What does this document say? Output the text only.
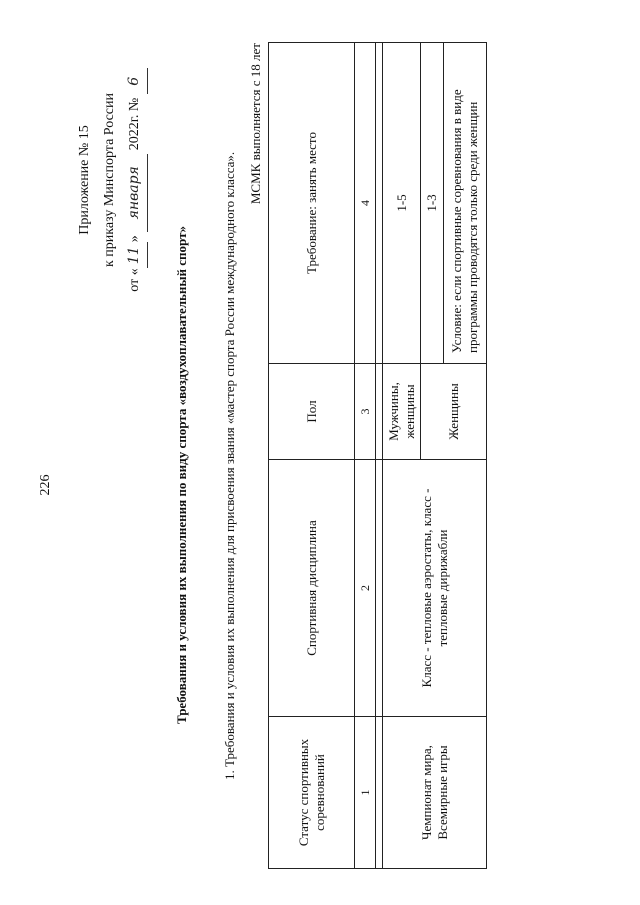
226
Приложение № 15 к приказу Минспорта России
от «11» января 2022г. № 6
Требования и условия их выполнения по виду спорта «воздухоплавательный спорт»	1. Требования и условия их выполнения для присвоения звания «мастер спорта России международного класса».
МСМК выполняется с 18 лет
Статус спортивных соревнований	Спортивная дисциплина	Пол	Требование: занять место
1	2	3	4

Чемпионат мира, Всемирные игры	Класс - тепловые аэростаты, класс - тепловые дирижабли	Мужчины, женщины	1-5
		Женщины	1-3
			Условие: если спортивные соревнования в виде программы проводятся только среди женщин
